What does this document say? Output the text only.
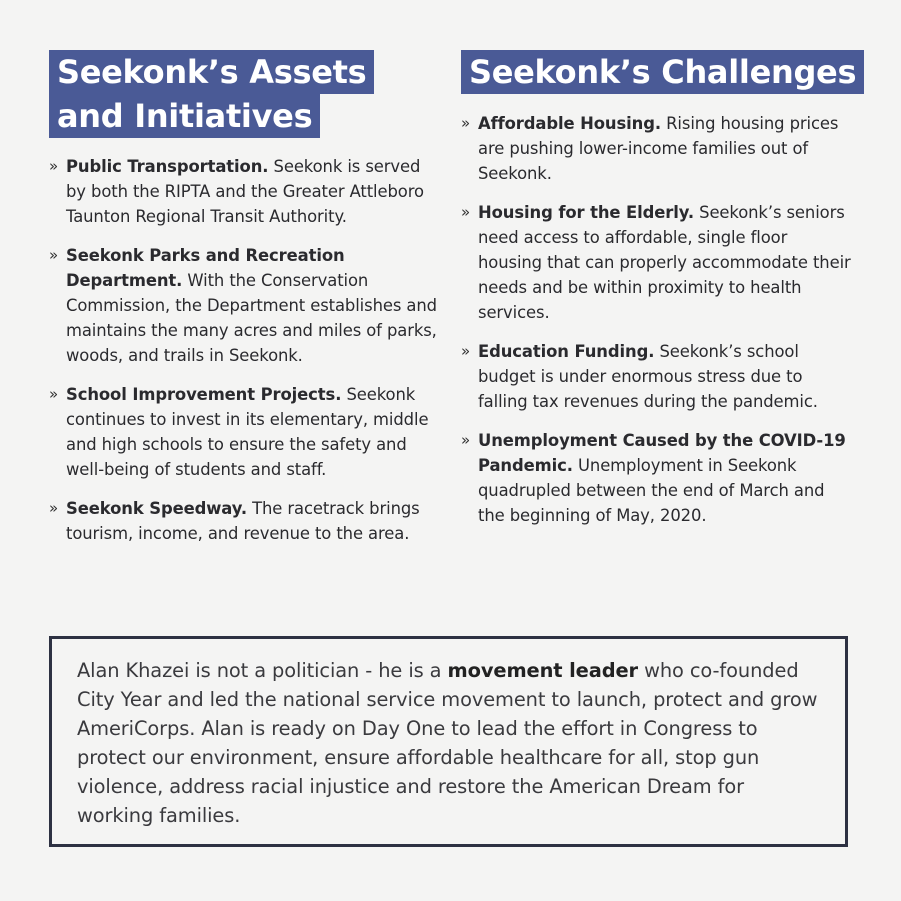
Seekonk’s Assets
and Initiatives
» Public Transportation. Seekonk is served by both the RIPTA and the Greater Attleboro Taunton Regional Transit Authority.
» Seekonk Parks and Recreation Department. With the Conservation Commission, the Department establishes and maintains the many acres and miles of parks, woods, and trails in Seekonk.
» School Improvement Projects. Seekonk continues to invest in its elementary, middle and high schools to ensure the safety and well-being of students and staff.
» Seekonk Speedway. The racetrack brings tourism, income, and revenue to the area.
Seekonk’s Challenges
» Affordable Housing. Rising housing prices are pushing lower-income families out of Seekonk.
» Housing for the Elderly. Seekonk’s seniors need access to affordable, single floor housing that can properly accommodate their needs and be within proximity to health services.
» Education Funding. Seekonk’s school budget is under enormous stress due to falling tax revenues during the pandemic.
» Unemployment Caused by the COVID-19 Pandemic. Unemployment in Seekonk quadrupled between the end of March and the beginning of May, 2020.
Alan Khazei is not a politician - he is a movement leader who co-founded City Year and led the national service movement to launch, protect and grow AmeriCorps. Alan is ready on Day One to lead the effort in Congress to protect our environment, ensure affordable healthcare for all, stop gun violence, address racial injustice and restore the American Dream for working families.
